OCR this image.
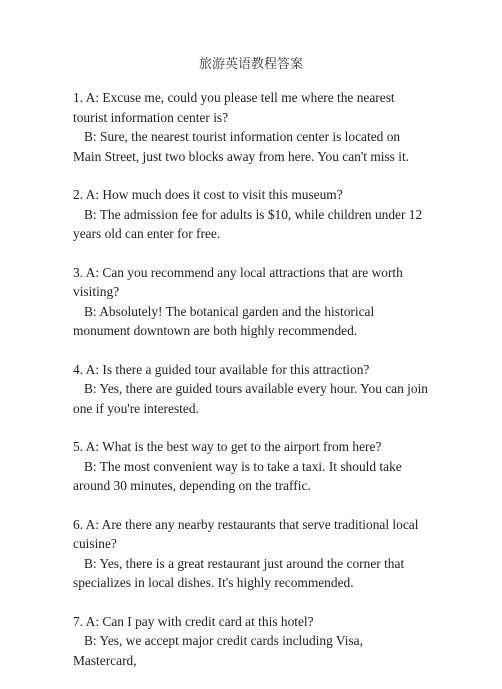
旅游英语教程答案

1. A: Excuse me, could you please tell me where the nearest tourist information center is?

B: Sure, the nearest tourist information center is located on Main Street, just two blocks away from here. You can't miss it.

2. A: How much does it cost to visit this museum?

B: The admission fee for adults is $10, while children under 12 years old can enter for free.

3. A: Can you recommend any local attractions that are worth visiting?

B: Absolutely! The botanical garden and the historical monument downtown are both highly recommended.

4. A: Is there a guided tour available for this attraction?

B: Yes, there are guided tours available every hour. You can join one if you're interested.

5. A: What is the best way to get to the airport from here?

B: The most convenient way is to take a taxi. It should take around 30 minutes, depending on the traffic.

6. A: Are there any nearby restaurants that serve traditional local cuisine?

B: Yes, there is a great restaurant just around the corner that specializes in local dishes. It's highly recommended.

7. A: Can I pay with credit card at this hotel?

B: Yes, we accept major credit cards including Visa, Mastercard,
